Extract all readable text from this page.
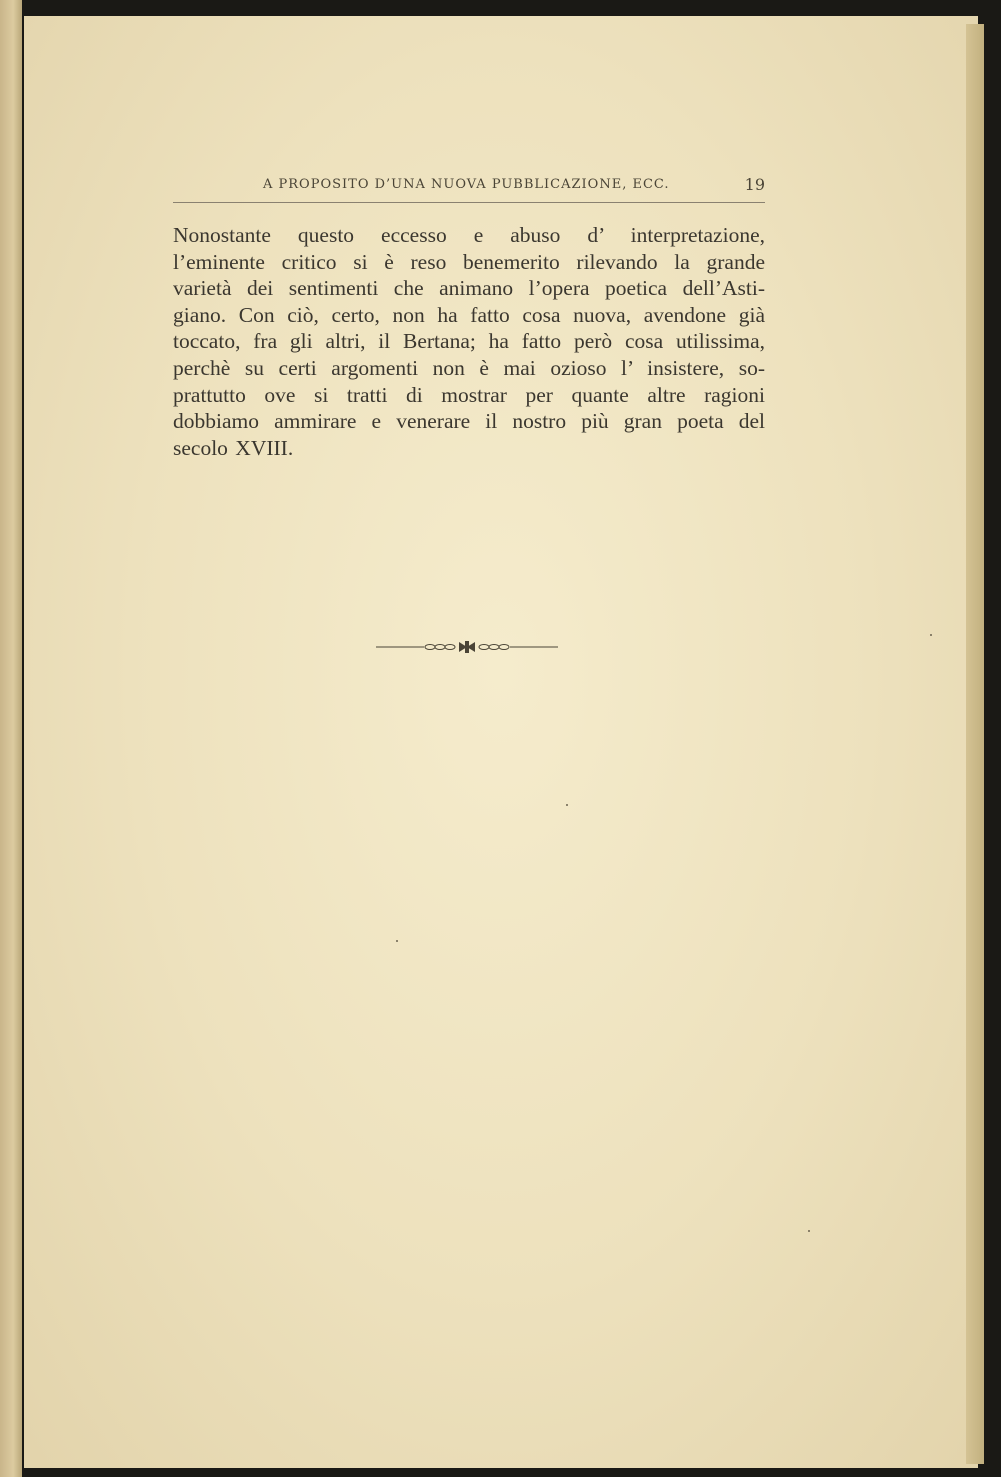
A PROPOSITO D’UNA NUOVA PUBBLICAZIONE, ECC.	19
Nonostante questo eccesso e abuso d’ interpretazione,
l’eminente critico si è reso benemerito rilevando la grande
varietà dei sentimenti che animano l’opera poetica dell’Asti-
giano. Con ciò, certo, non ha fatto cosa nuova, avendone già
toccato, fra gli altri, il Bertana; ha fatto però cosa utilissima,
perchè su certi argomenti non è mai ozioso l’ insistere, so-
prattutto ove si tratti di mostrar per quante altre ragioni
dobbiamo ammirare e venerare il nostro più gran poeta del
secolo XVIII.
